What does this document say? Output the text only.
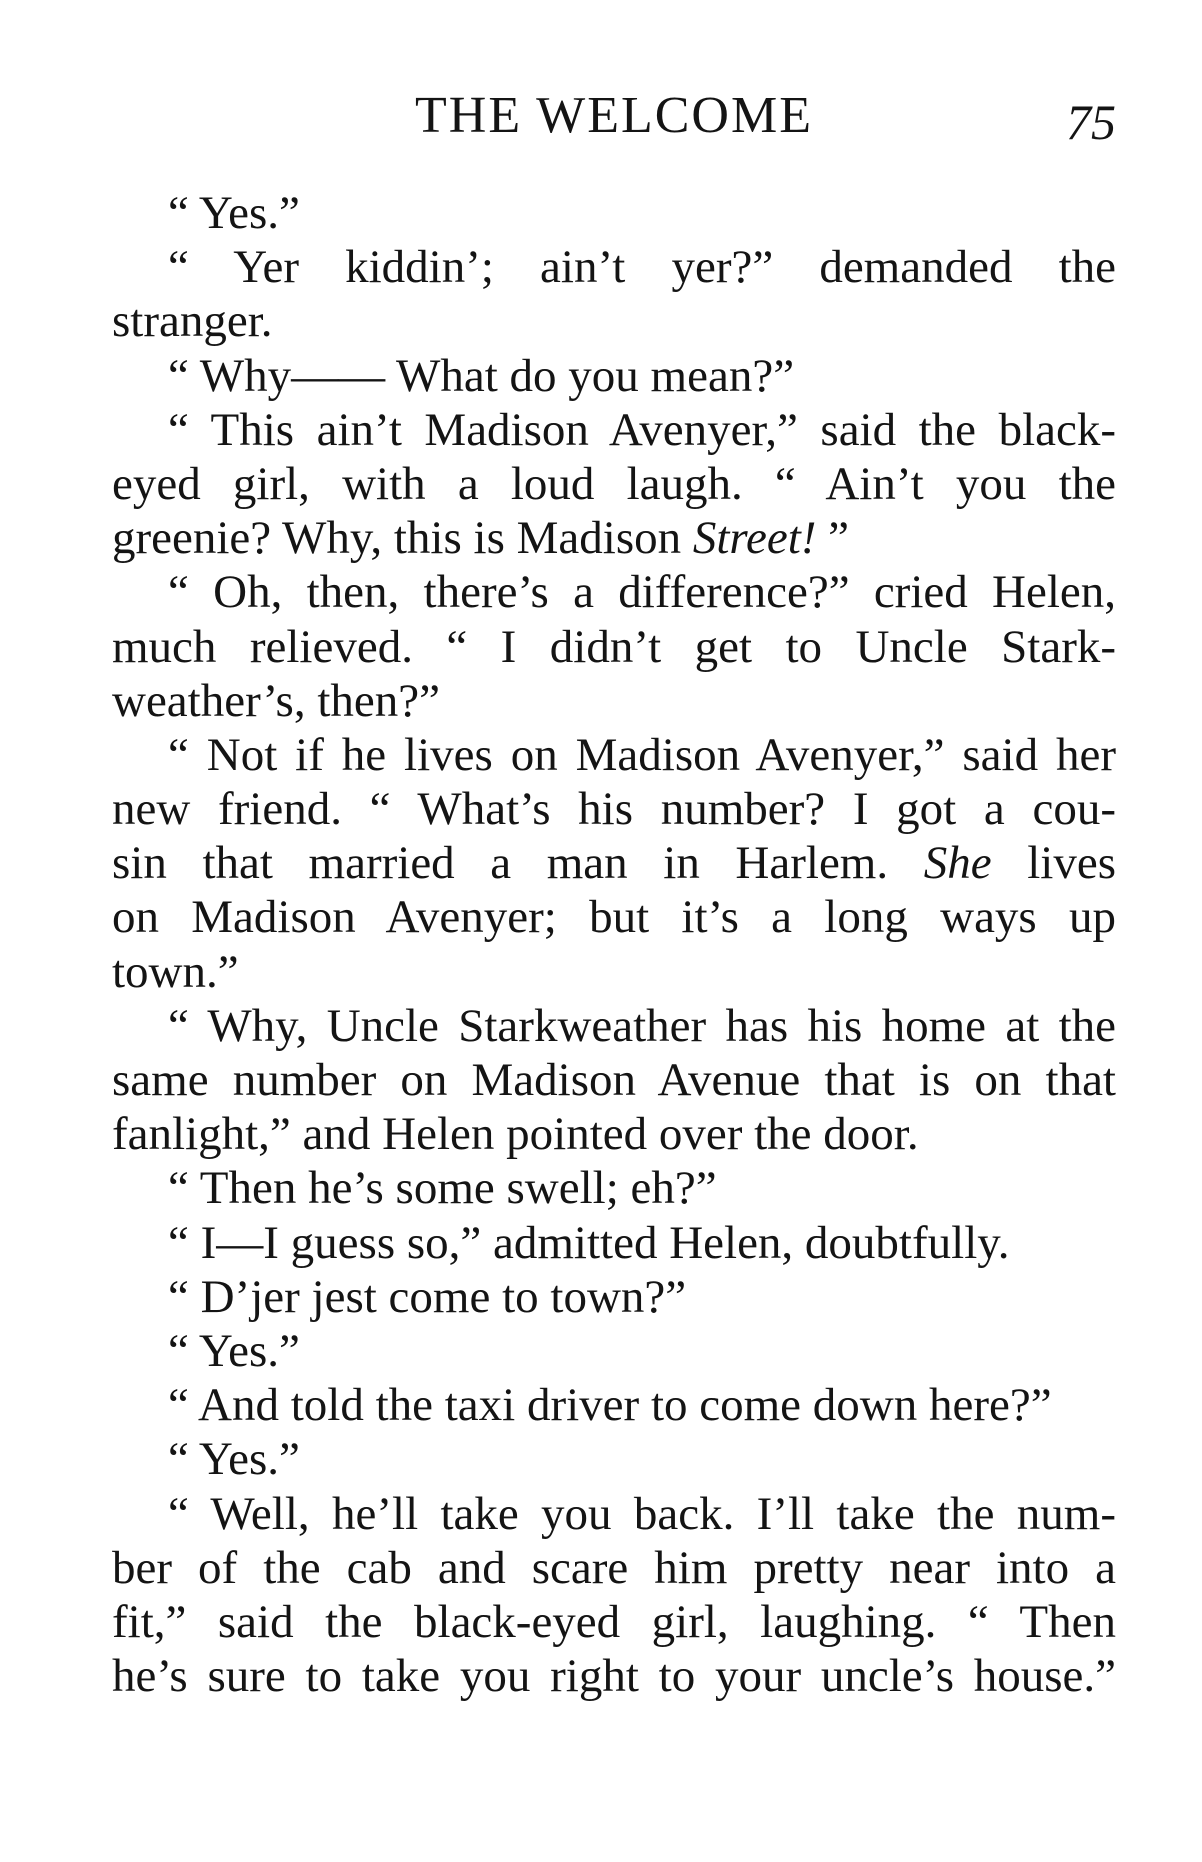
THE WELCOME	75
“ Yes.”
“ Yer kiddin’; ain’t yer?” demanded the
stranger.
“ Why—— What do you mean?”
“ This ain’t Madison Avenyer,” said the black-
eyed girl, with a loud laugh. “ Ain’t you the
greenie? Why, this is Madison Street! ”
“ Oh, then, there’s a difference?” cried Helen,
much relieved. “ I didn’t get to Uncle Stark-
weather’s, then?”
“ Not if he lives on Madison Avenyer,” said her
new friend. “ What’s his number? I got a cou-
sin that married a man in Harlem. She lives
on Madison Avenyer; but it’s a long ways up
town.”
“ Why, Uncle Starkweather has his home at the
same number on Madison Avenue that is on that
fanlight,” and Helen pointed over the door.
“ Then he’s some swell; eh?”
“ I—I guess so,” admitted Helen, doubtfully.
“ D’jer jest come to town?”
“ Yes.”
“ And told the taxi driver to come down here?”
“ Yes.”
“ Well, he’ll take you back. I’ll take the num-
ber of the cab and scare him pretty near into a
fit,” said the black-eyed girl, laughing. “ Then
he’s sure to take you right to your uncle’s house.”
